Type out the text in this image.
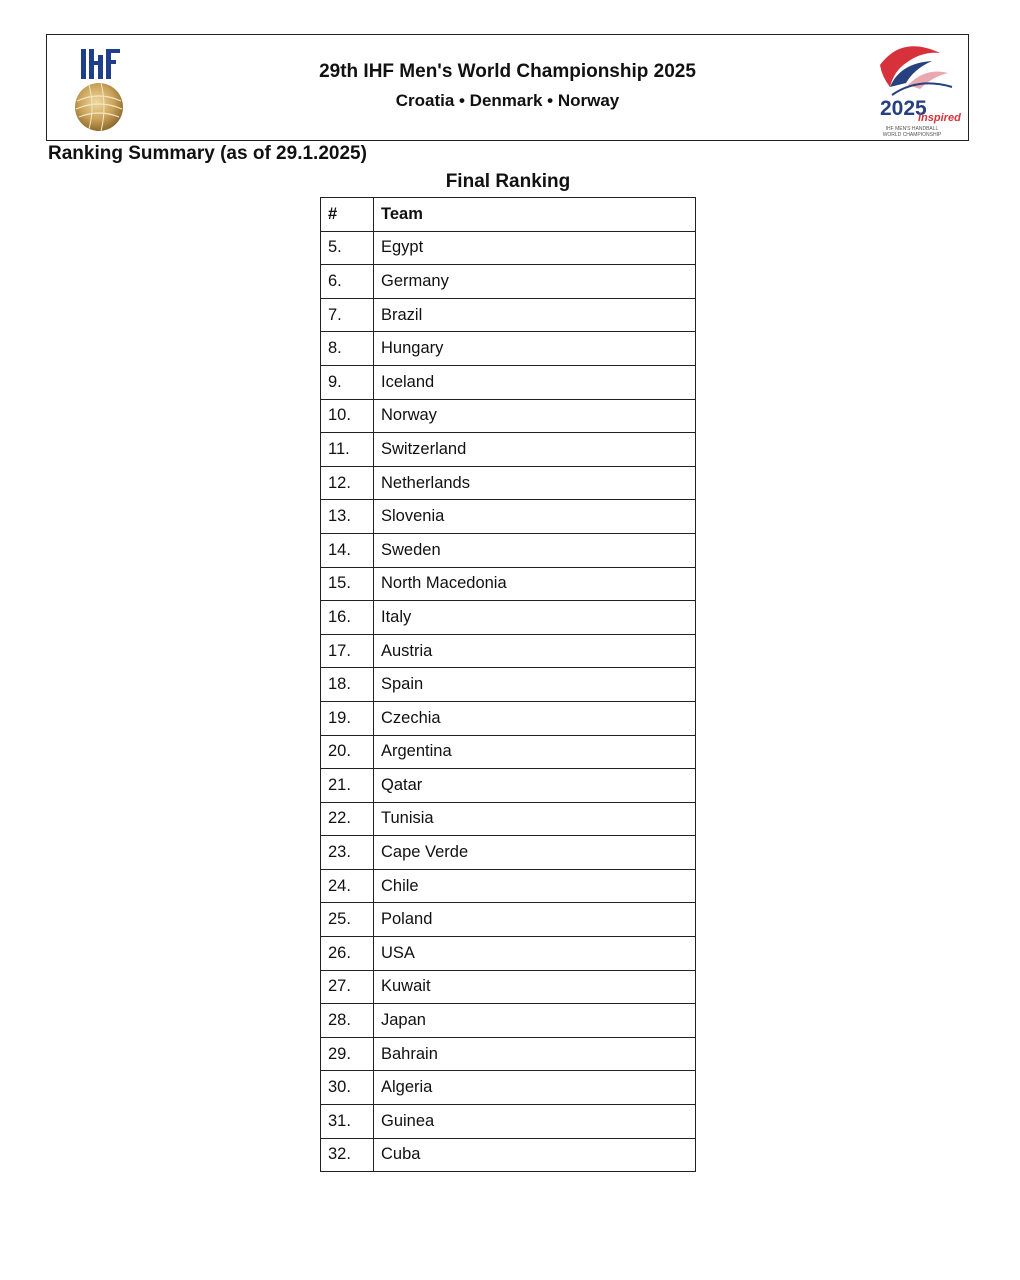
29th IHF Men's World Championship 2025
Croatia • Denmark • Norway	2025
inspired
IHF MEN'S HANDBALL
WORLD CHAMPIONSHIP
Ranking Summary (as of 29.1.2025)
Final Ranking
#	Team
5.	Egypt
6.	Germany
7.	Brazil
8.	Hungary
9.	Iceland
10.	Norway
11.	Switzerland
12.	Netherlands
13.	Slovenia
14.	Sweden
15.	North Macedonia
16.	Italy
17.	Austria
18.	Spain
19.	Czechia
20.	Argentina
21.	Qatar
22.	Tunisia
23.	Cape Verde
24.	Chile
25.	Poland
26.	USA
27.	Kuwait
28.	Japan
29.	Bahrain
30.	Algeria
31.	Guinea
32.	Cuba
